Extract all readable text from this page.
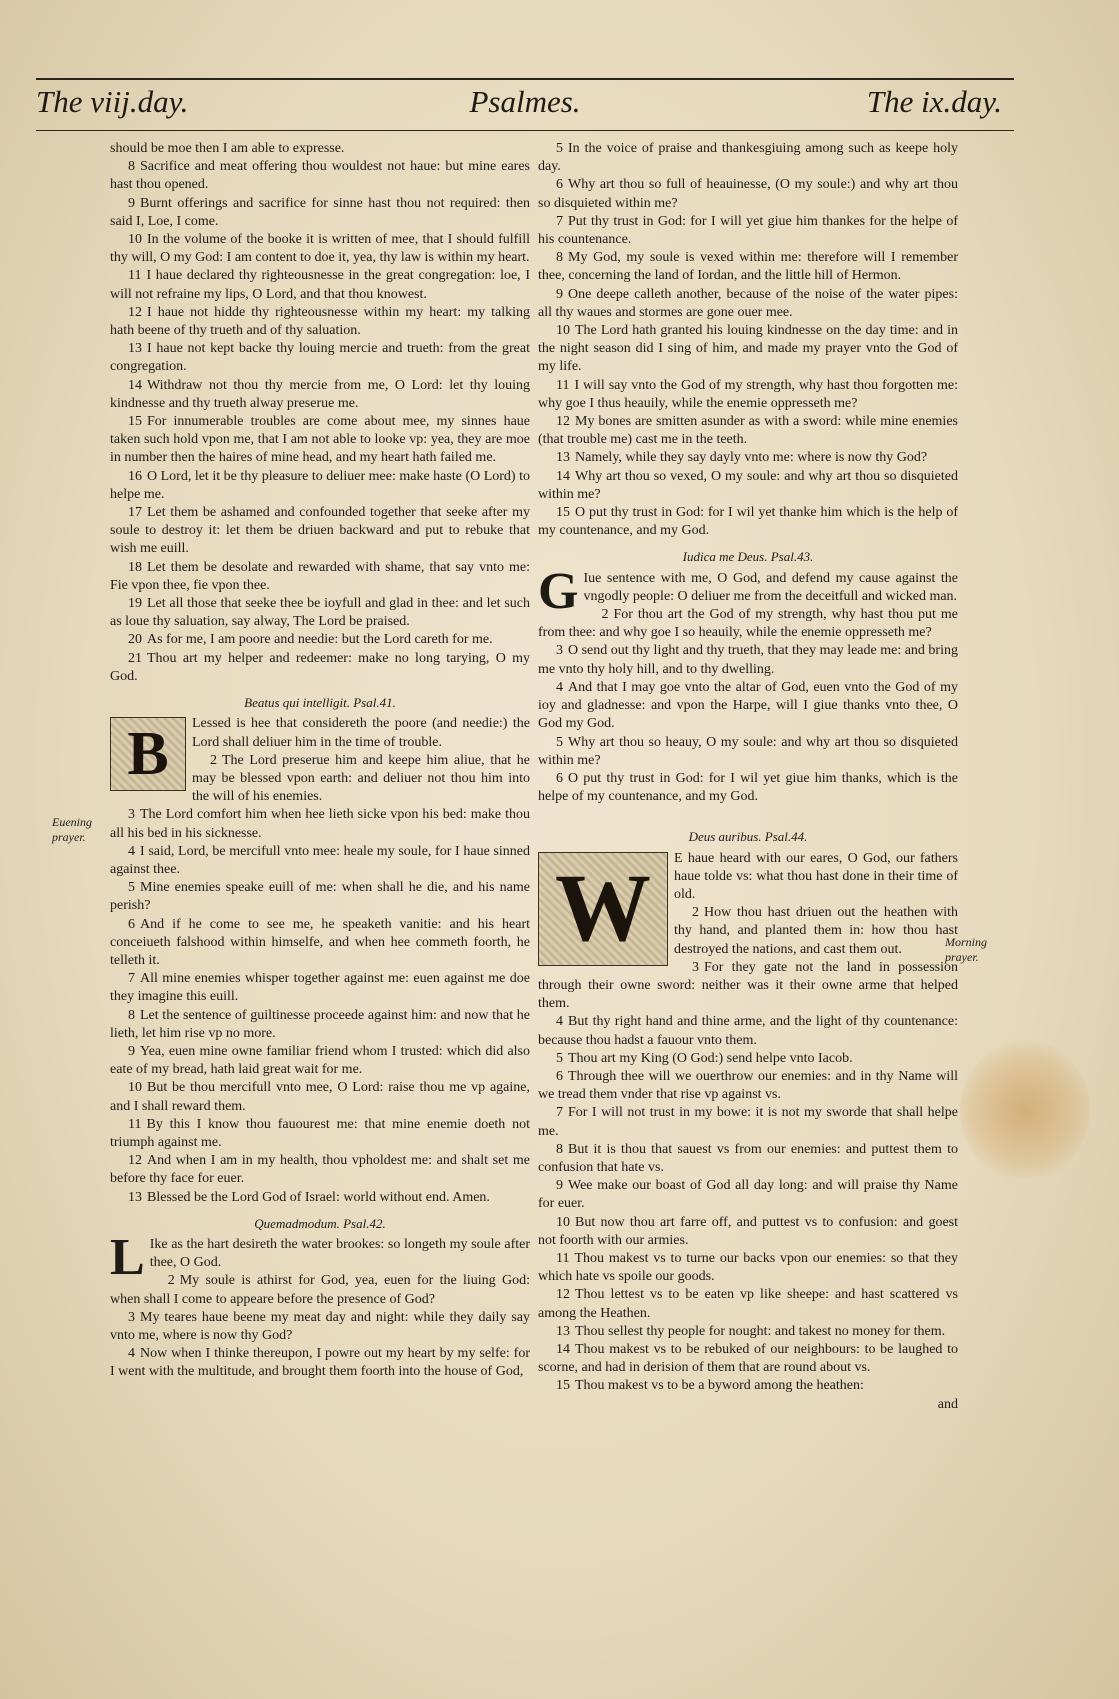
The viij.day.	Psalmes.	The ix.day.
Euening prayer.
Morning prayer.

should be moe then I am able to expresse.

8 Sacrifice and meat offering thou wouldest not haue: but mine eares hast thou opened.

9 Burnt offerings and sacrifice for sinne hast thou not required: then said I, Loe, I come.

10 In the volume of the booke it is written of mee, that I should fulfill thy will, O my God: I am content to doe it, yea, thy law is within my heart.

11 I haue declared thy righteousnesse in the great congregation: loe, I will not refraine my lips, O Lord, and that thou knowest.

12 I haue not hidde thy righteousnesse within my heart: my talking hath beene of thy trueth and of thy saluation.

13 I haue not kept backe thy louing mercie and trueth: from the great congregation.

14 Withdraw not thou thy mercie from me, O Lord: let thy louing kindnesse and thy trueth alway preserue me.

15 For innumerable troubles are come about mee, my sinnes haue taken such hold vpon me, that I am not able to looke vp: yea, they are moe in number then the haires of mine head, and my heart hath failed me.

16 O Lord, let it be thy pleasure to deliuer mee: make haste (O Lord) to helpe me.

17 Let them be ashamed and confounded together that seeke after my soule to destroy it: let them be driuen backward and put to rebuke that wish me euill.

18 Let them be desolate and rewarded with shame, that say vnto me: Fie vpon thee, fie vpon thee.

19 Let all those that seeke thee be ioyfull and glad in thee: and let such as loue thy saluation, say alway, The Lord be praised.

20 As for me, I am poore and needie: but the Lord careth for me.

21 Thou art my helper and redeemer: make no long tarying, O my God.

Beatus qui intelligit. Psal.41.

B	Lessed is hee that considereth the poore (and needie:) the Lord shall deliuer him in the time of trouble.

2 The Lord preserue him and keepe him aliue, that he may be blessed vpon earth: and deliuer not thou him into the will of his enemies.

3 The Lord comfort him when hee lieth sicke vpon his bed: make thou all his bed in his sicknesse.

4 I said, Lord, be mercifull vnto mee: heale my soule, for I haue sinned against thee.

5 Mine enemies speake euill of me: when shall he die, and his name perish?

6 And if he come to see me, he speaketh vanitie: and his heart conceiueth falshood within himselfe, and when hee commeth foorth, he telleth it.

7 All mine enemies whisper together against me: euen against me doe they imagine this euill.

8 Let the sentence of guiltinesse proceede against him: and now that he lieth, let him rise vp no more.

9 Yea, euen mine owne familiar friend whom I trusted: which did also eate of my bread, hath laid great wait for me.

10 But be thou mercifull vnto mee, O Lord: raise thou me vp againe, and I shall reward them.

11 By this I know thou fauourest me: that mine enemie doeth not triumph against me.

12 And when I am in my health, thou vpholdest me: and shalt set me before thy face for euer.

13 Blessed be the Lord God of Israel: world without end. Amen.

Quemadmodum. Psal.42.

L Ike as the hart desireth the water brookes: so longeth my soule after thee, O God.

2 My soule is athirst for God, yea, euen for the liuing God: when shall I come to appeare before the presence of God?

3 My teares haue beene my meat day and night: while they daily say vnto me, where is now thy God?

4 Now when I thinke thereupon, I powre out my heart by my selfe: for I went with the multitude, and brought them foorth into the house of God,

5 In the voice of praise and thankesgiuing among such as keepe holy day.

6 Why art thou so full of heauinesse, (O my soule:) and why art thou so disquieted within me?

7 Put thy trust in God: for I will yet giue him thankes for the helpe of his countenance.

8 My God, my soule is vexed within me: therefore will I remember thee, concerning the land of Iordan, and the little hill of Hermon.

9 One deepe calleth another, because of the noise of the water pipes: all thy waues and stormes are gone ouer mee.

10 The Lord hath granted his louing kindnesse on the day time: and in the night season did I sing of him, and made my prayer vnto the God of my life.

11 I will say vnto the God of my strength, why hast thou forgotten me: why goe I thus heauily, while the enemie oppresseth me?

12 My bones are smitten asunder as with a sword: while mine enemies (that trouble me) cast me in the teeth.

13 Namely, while they say dayly vnto me: where is now thy God?

14 Why art thou so vexed, O my soule: and why art thou so disquieted within me?

15 O put thy trust in God: for I wil yet thanke him which is the help of my countenance, and my God.

Iudica me Deus. Psal.43.

G Iue sentence with me, O God, and defend my cause against the vngodly people: O deliuer me from the deceitfull and wicked man.

2 For thou art the God of my strength, why hast thou put me from thee: and why goe I so heauily, while the enemie oppresseth me?

3 O send out thy light and thy trueth, that they may leade me: and bring me vnto thy holy hill, and to thy dwelling.

4 And that I may goe vnto the altar of God, euen vnto the God of my ioy and gladnesse: and vpon the Harpe, will I giue thanks vnto thee, O God my God.

5 Why art thou so heauy, O my soule: and why art thou so disquieted within me?

6 O put thy trust in God: for I wil yet giue him thanks, which is the helpe of my countenance, and my God.

Deus auribus. Psal.44.

W	E haue heard with our eares, O God, our fathers haue tolde vs: what thou hast done in their time of old.

2 How thou hast driuen out the heathen with thy hand, and planted them in: how thou hast destroyed the nations, and cast them out.

3 For they gate not the land in possession through their owne sword: neither was it their owne arme that helped them.

4 But thy right hand and thine arme, and the light of thy countenance: because thou hadst a fauour vnto them.

5 Thou art my King (O God:) send helpe vnto Iacob.

6 Through thee will we ouerthrow our enemies: and in thy Name will we tread them vnder that rise vp against vs.

7 For I will not trust in my bowe: it is not my sworde that shall helpe me.

8 But it is thou that sauest vs from our enemies: and puttest them to confusion that hate vs.

9 Wee make our boast of God all day long: and will praise thy Name for euer.

10 But now thou art farre off, and puttest vs to confusion: and goest not foorth with our armies.

11 Thou makest vs to turne our backs vpon our enemies: so that they which hate vs spoile our goods.

12 Thou lettest vs to be eaten vp like sheepe: and hast scattered vs among the Heathen.

13 Thou sellest thy people for nought: and takest no money for them.

14 Thou makest vs to be rebuked of our neighbours: to be laughed to scorne, and had in derision of them that are round about vs.

15 Thou makest vs to be a byword among the heathen:

and
